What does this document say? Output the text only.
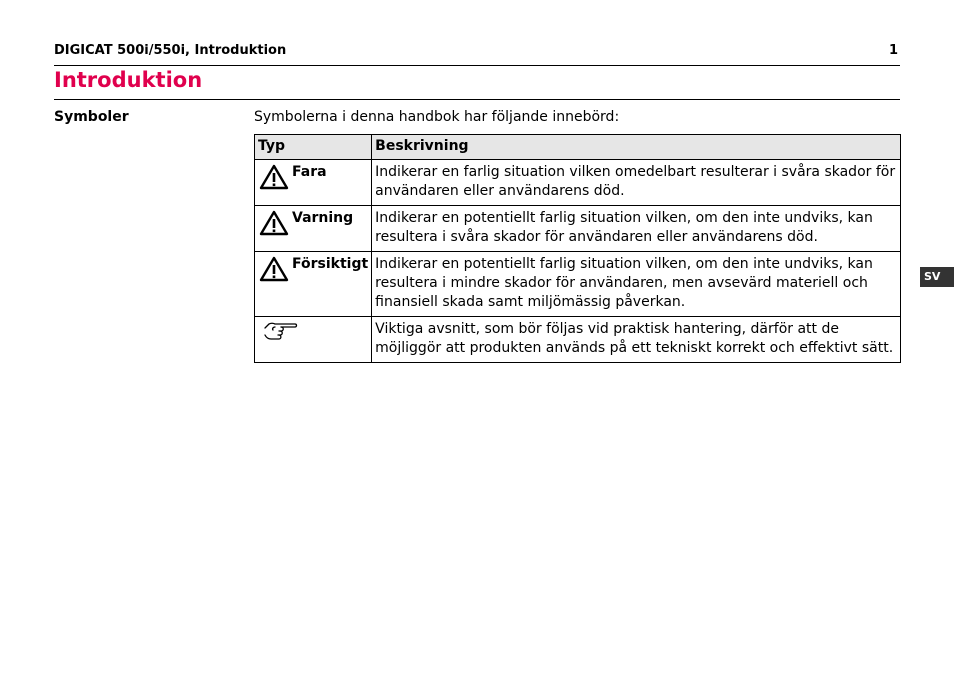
DIGICAT 500i/550i, Introduktion	1
Introduktion
Symboler	Symbolerna i denna handbok har följande innebörd:
Typ	Beskrivning

Fara	Indikerar en farlig situation vilken omedelbart resulterar i svåra skador för användaren eller användarens död.

Varning	Indikerar en potentiellt farlig situation vilken, om den inte undviks, kan resultera i svåra skador för användaren eller användarens död.

Försiktigt	Indikerar en potentiellt farlig situation vilken, om den inte undviks, kan resultera i mindre skador för användaren, men avsevärd materiell och finansiell skada samt miljömässig påverkan.
	Viktiga avsnitt, som bör följas vid praktisk hantering, därför att de möjliggör att produkten används på ett tekniskt korrekt och effektivt sätt.
SV
